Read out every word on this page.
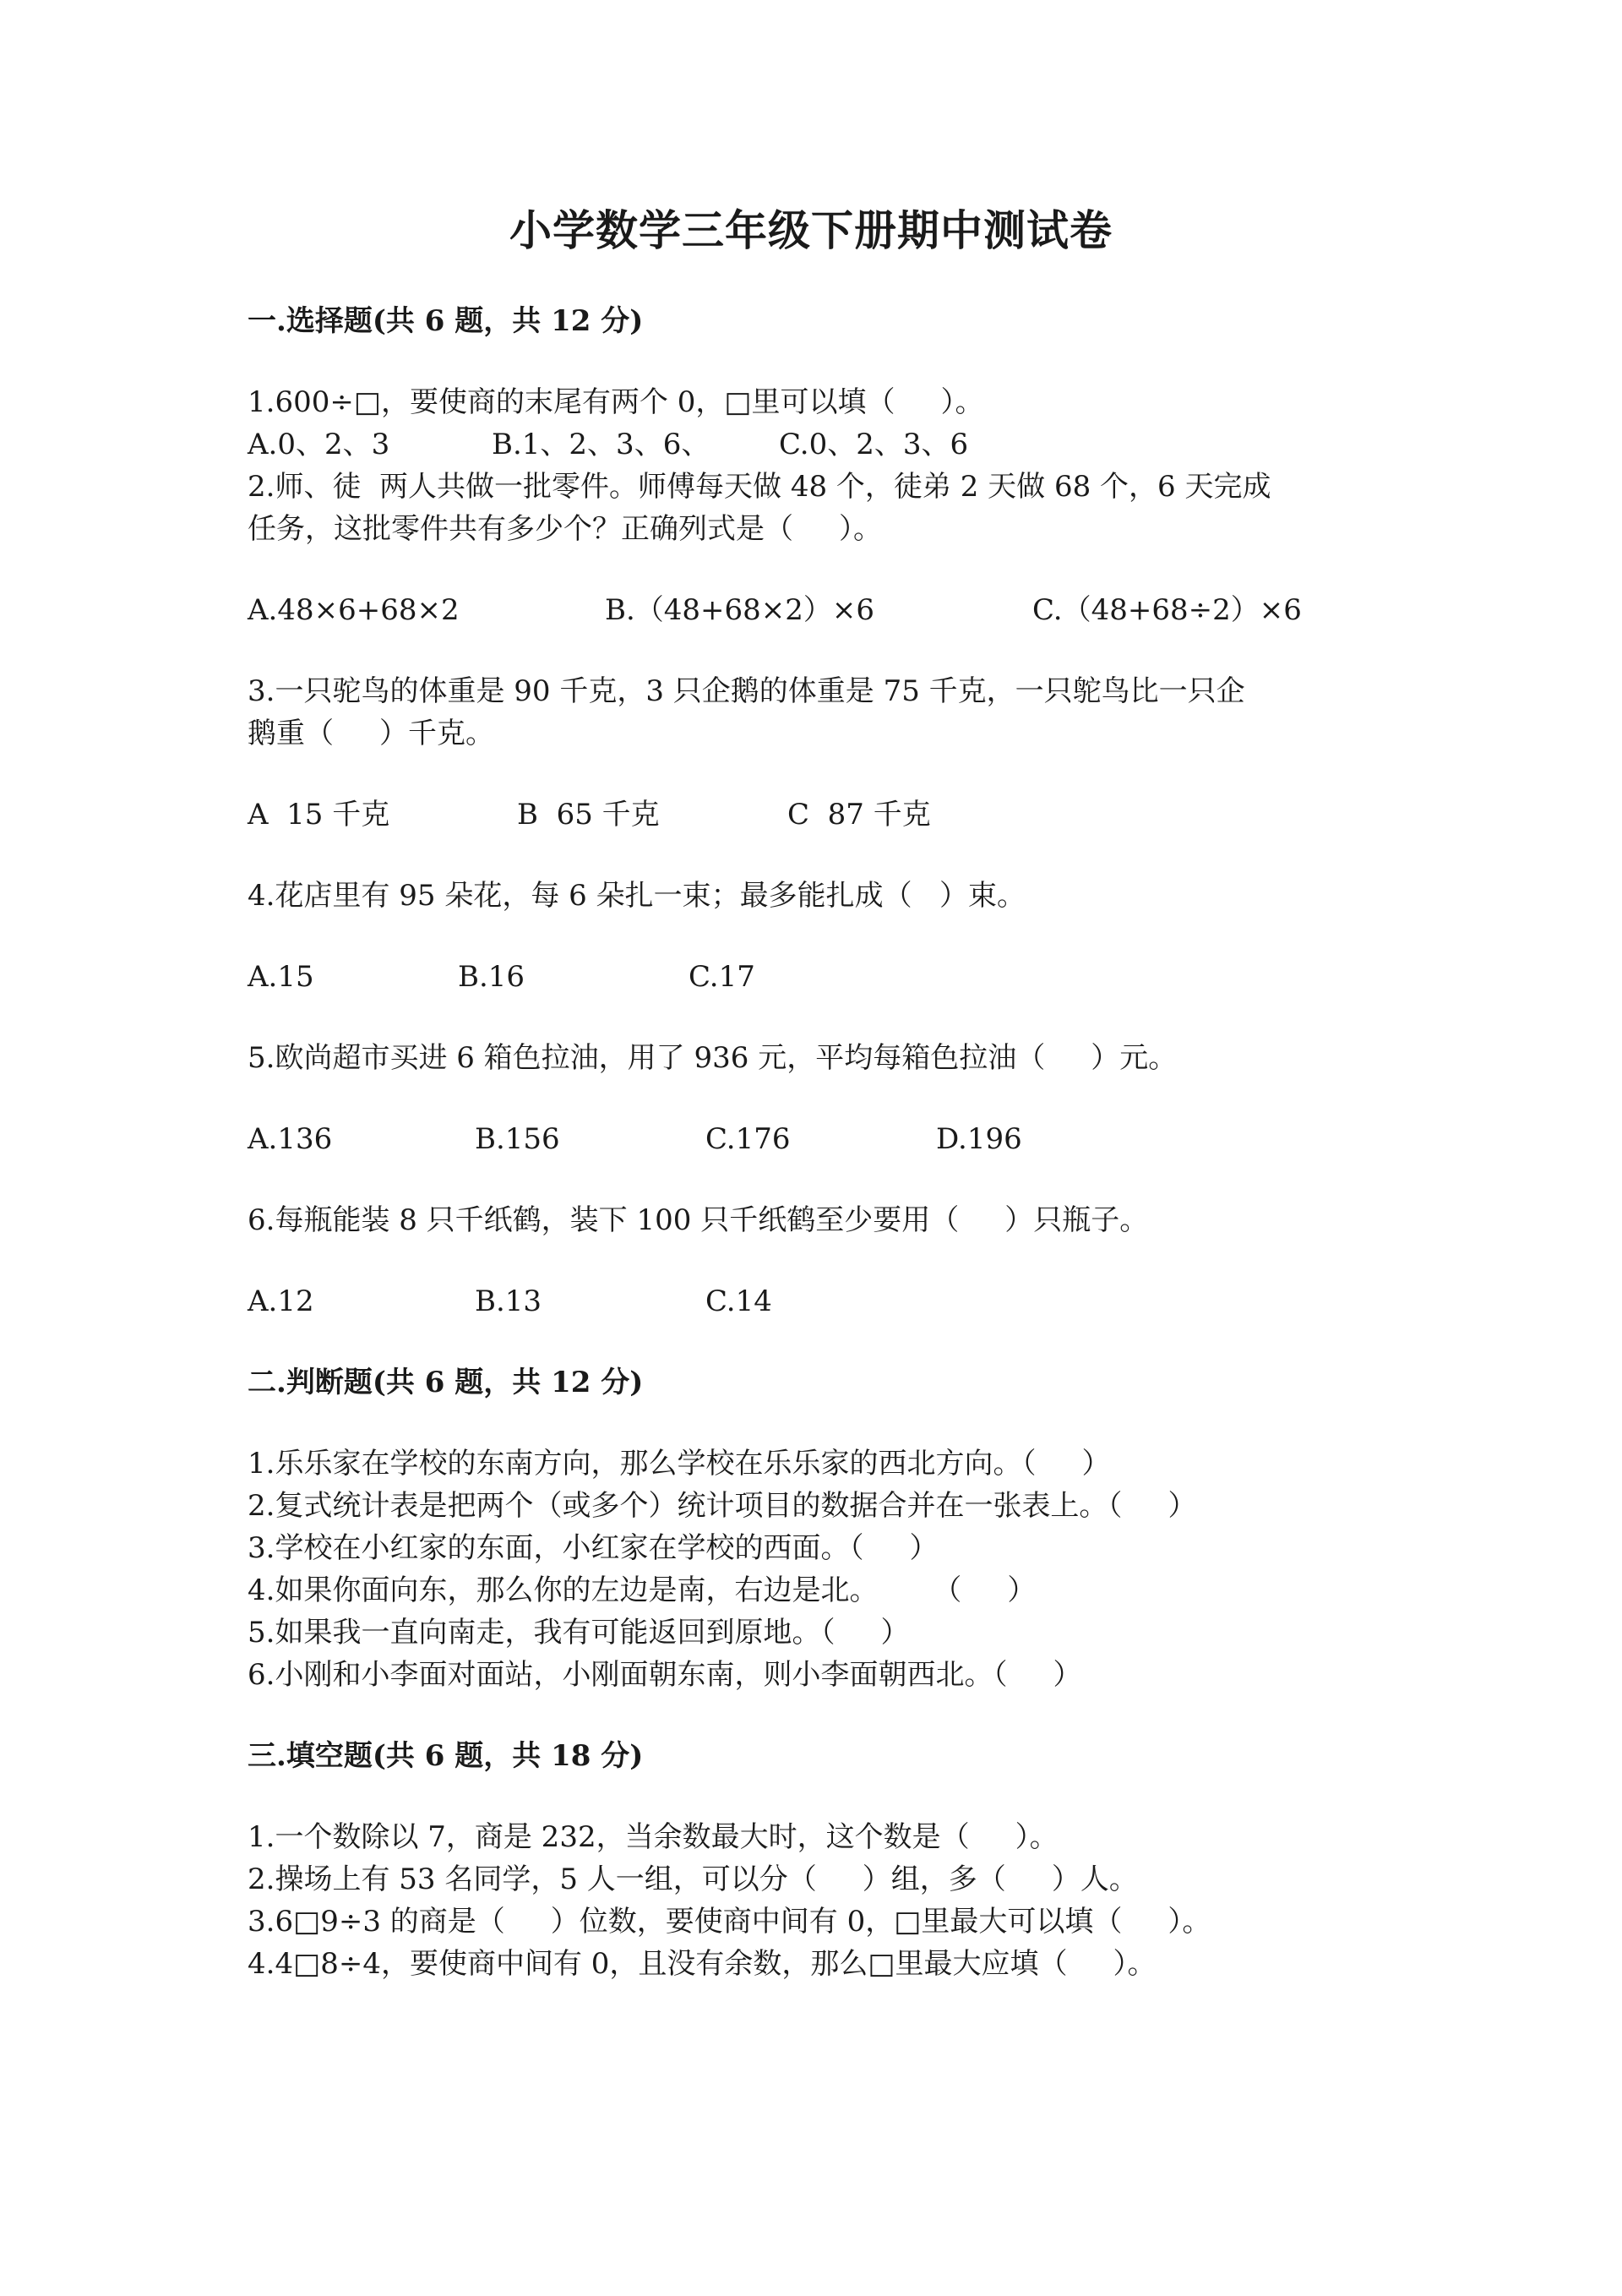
小学数学三年级下册期中测试卷
一.选择题(共 6 题，共 12 分)
1.600÷□，要使商的末尾有两个 0，□里可以填（     ）。
A.0、2、3	B.1、2、3、6、 C.0、2、3、6
2.师、徒  两人共做一批零件。师傅每天做 48 个，徒弟 2 天做 68 个，6 天完成
任务，这批零件共有多少个？正确列式是（     ）。
A.48×6+68×2	B.（48+68×2）×6	C.（48+68÷2）×6
3.一只驼鸟的体重是 90 千克，3 只企鹅的体重是 75 千克，一只鸵鸟比一只企
鹅重（     ）千克。
A  15 千克	B  65 千克	C  87 千克
4.花店里有 95 朵花，每 6 朵扎一束；最多能扎成（   ）束。
A.15	B.16	C.17
5.欧尚超市买进 6 箱色拉油，用了 936 元，平均每箱色拉油（     ）元。
A.136	B.156	C.176	D.196
6.每瓶能装 8 只千纸鹤，装下 100 只千纸鹤至少要用（     ）只瓶子。
A.12	B.13	C.14
二.判断题(共 6 题，共 12 分)
1.乐乐家在学校的东南方向，那么学校在乐乐家的西北方向。（     ）
2.复式统计表是把两个（或多个）统计项目的数据合并在一张表上。（     ）
3.学校在小红家的东面，小红家在学校的西面。（     ）
4.如果你面向东，那么你的左边是南，右边是北。      （     ）
5.如果我一直向南走，我有可能返回到原地。（     ）
6.小刚和小李面对面站，小刚面朝东南，则小李面朝西北。（     ）
三.填空题(共 6 题，共 18 分)
1.一个数除以 7，商是 232，当余数最大时，这个数是（     ）。
2.操场上有 53 名同学，5 人一组，可以分（     ）组，多（     ）人。
3.6□9÷3 的商是（     ）位数，要使商中间有 0，□里最大可以填（     ）。
4.4□8÷4，要使商中间有 0，且没有余数，那么□里最大应填（     ）。
